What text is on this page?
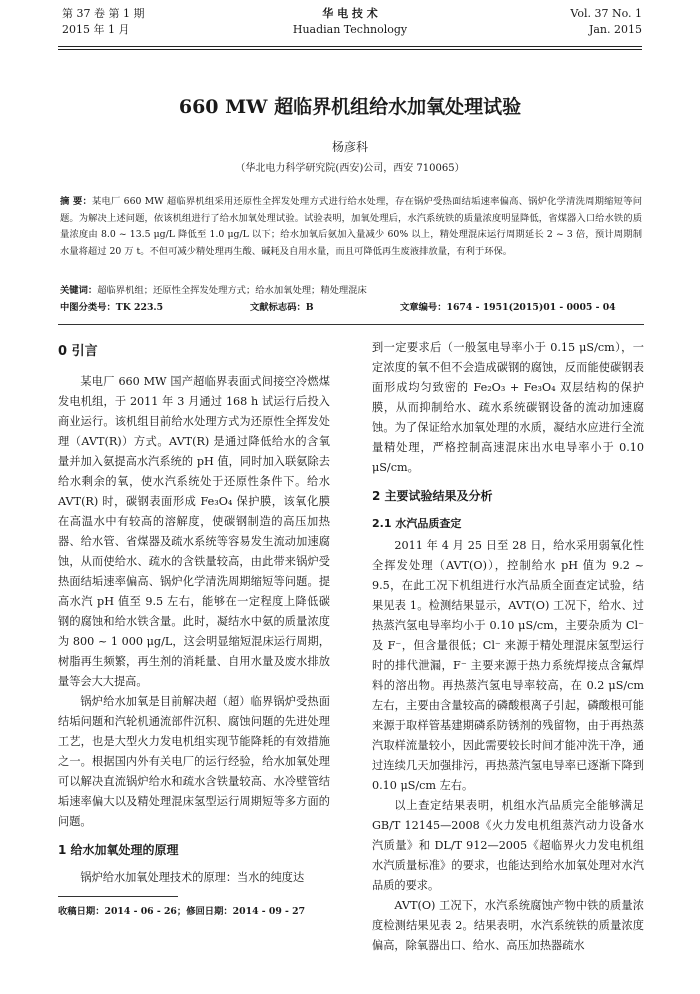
第 37 卷 第 1 期
2015 年 1 月
华 电 技 术
Huadian Technology
Vol. 37 No. 1
Jan. 2015
660 MW 超临界机组给水加氧处理试验
杨彦科
（华北电力科学研究院(西安)公司，西安 710065）
摘 要：某电厂 660 MW 超临界机组采用还原性全挥发处理方式进行给水处理，存在锅炉受热面结垢速率偏高、锅炉化学清洗周期缩短等问题。为解决上述问题，依该机组进行了给水加氧处理试验。试验表明，加氧处理后，水汽系统铁的质量浓度明显降低，省煤器入口给水铁的质量浓度由 8.0 ~ 13.5 μg/L 降低至 1.0 μg/L 以下；给水加氧后氨加入量减少 60% 以上，精处理混床运行周期延长 2 ~ 3 倍，预计周期制水量将超过 20 万 t。不但可减少精处理再生酸、碱耗及自用水量，而且可降低再生废液排放量，有利于环保。
关键词：超临界机组；还原性全挥发处理方式；给水加氧处理；精处理混床
中图分类号：TK 223.5	文献标志码：B	文章编号：1674 - 1951(2015)01 - 0005 - 04
0 引言

某电厂 660 MW 国产超临界表面式间接空冷燃煤发电机组，于 2011 年 3 月通过 168 h 试运行后投入商业运行。该机组目前给水处理方式为还原性全挥发处理（AVT(R)）方式。AVT(R) 是通过降低给水的含氧量并加入氨提高水汽系统的 pH 值，同时加入联氨除去给水剩余的氧，使水汽系统处于还原性条件下。给水 AVT(R) 时，碳钢表面形成 Fe₃O₄ 保护膜，该氧化膜在高温水中有较高的溶解度，使碳钢制造的高压加热器、给水管、省煤器及疏水系统等容易发生流动加速腐蚀，从而使给水、疏水的含铁量较高，由此带来锅炉受热面结垢速率偏高、锅炉化学清洗周期缩短等问题。提高水汽 pH 值至 9.5 左右，能够在一定程度上降低碳钢的腐蚀和给水铁含量。此时，凝结水中氨的质量浓度为 800 ~ 1 000 μg/L，这会明显缩短混床运行周期，树脂再生频繁，再生剂的消耗量、自用水量及废水排放量等会大大提高。

锅炉给水加氧是目前解决超（超）临界锅炉受热面结垢问题和汽轮机通流部件沉积、腐蚀问题的先进处理工艺，也是大型火力发电机组实现节能降耗的有效措施之一。根据国内外有关电厂的运行经验，给水加氧处理可以解决直流锅炉给水和疏水含铁量较高、水冷壁管结垢速率偏大以及精处理混床氢型运行周期短等多方面的问题。

1 给水加氧处理的原理

锅炉给水加氧处理技术的原理：当水的纯度达

到一定要求后（一般氢电导率小于 0.15 μS/cm），一定浓度的氧不但不会造成碳钢的腐蚀，反而能使碳钢表面形成均匀致密的 Fe₂O₃ + Fe₃O₄ 双层结构的保护膜，从而抑制给水、疏水系统碳钢设备的流动加速腐蚀。为了保证给水加氧处理的水质，凝结水应进行全流量精处理，严格控制高速混床出水电导率小于 0.10 μS/cm。

2 主要试验结果及分析
2.1 水汽品质查定

2011 年 4 月 25 日至 28 日，给水采用弱氧化性全挥发处理（AVT(O)），控制给水 pH 值为 9.2 ~ 9.5，在此工况下机组进行水汽品质全面查定试验，结果见表 1。检测结果显示，AVT(O) 工况下，给水、过热蒸汽氢电导率均小于 0.10 μS/cm，主要杂质为 Cl⁻ 及 F⁻，但含量很低；Cl⁻ 来源于精处理混床氢型运行时的排代泄漏，F⁻ 主要来源于热力系统焊接点含氟焊料的溶出物。再热蒸汽氢电导率较高，在 0.2 μS/cm 左右，主要由含量较高的磷酸根离子引起，磷酸根可能来源于取样管基建期磷系防锈剂的残留物，由于再热蒸汽取样流量较小，因此需要较长时间才能冲洗干净，通过连续几天加强排污，再热蒸汽氢电导率已逐渐下降到 0.10 μS/cm 左右。

以上查定结果表明，机组水汽品质完全能够满足 GB/T 12145—2008《火力发电机组蒸汽动力设备水汽质量》和 DL/T 912—2005《超临界火力发电机组水汽质量标准》的要求，也能达到给水加氧处理对水汽品质的要求。

AVT(O) 工况下，水汽系统腐蚀产物中铁的质量浓度检测结果见表 2。结果表明，水汽系统铁的质量浓度偏高，除氧器出口、给水、高压加热器疏水

收稿日期：2014 - 06 - 26；修回日期：2014 - 09 - 27
